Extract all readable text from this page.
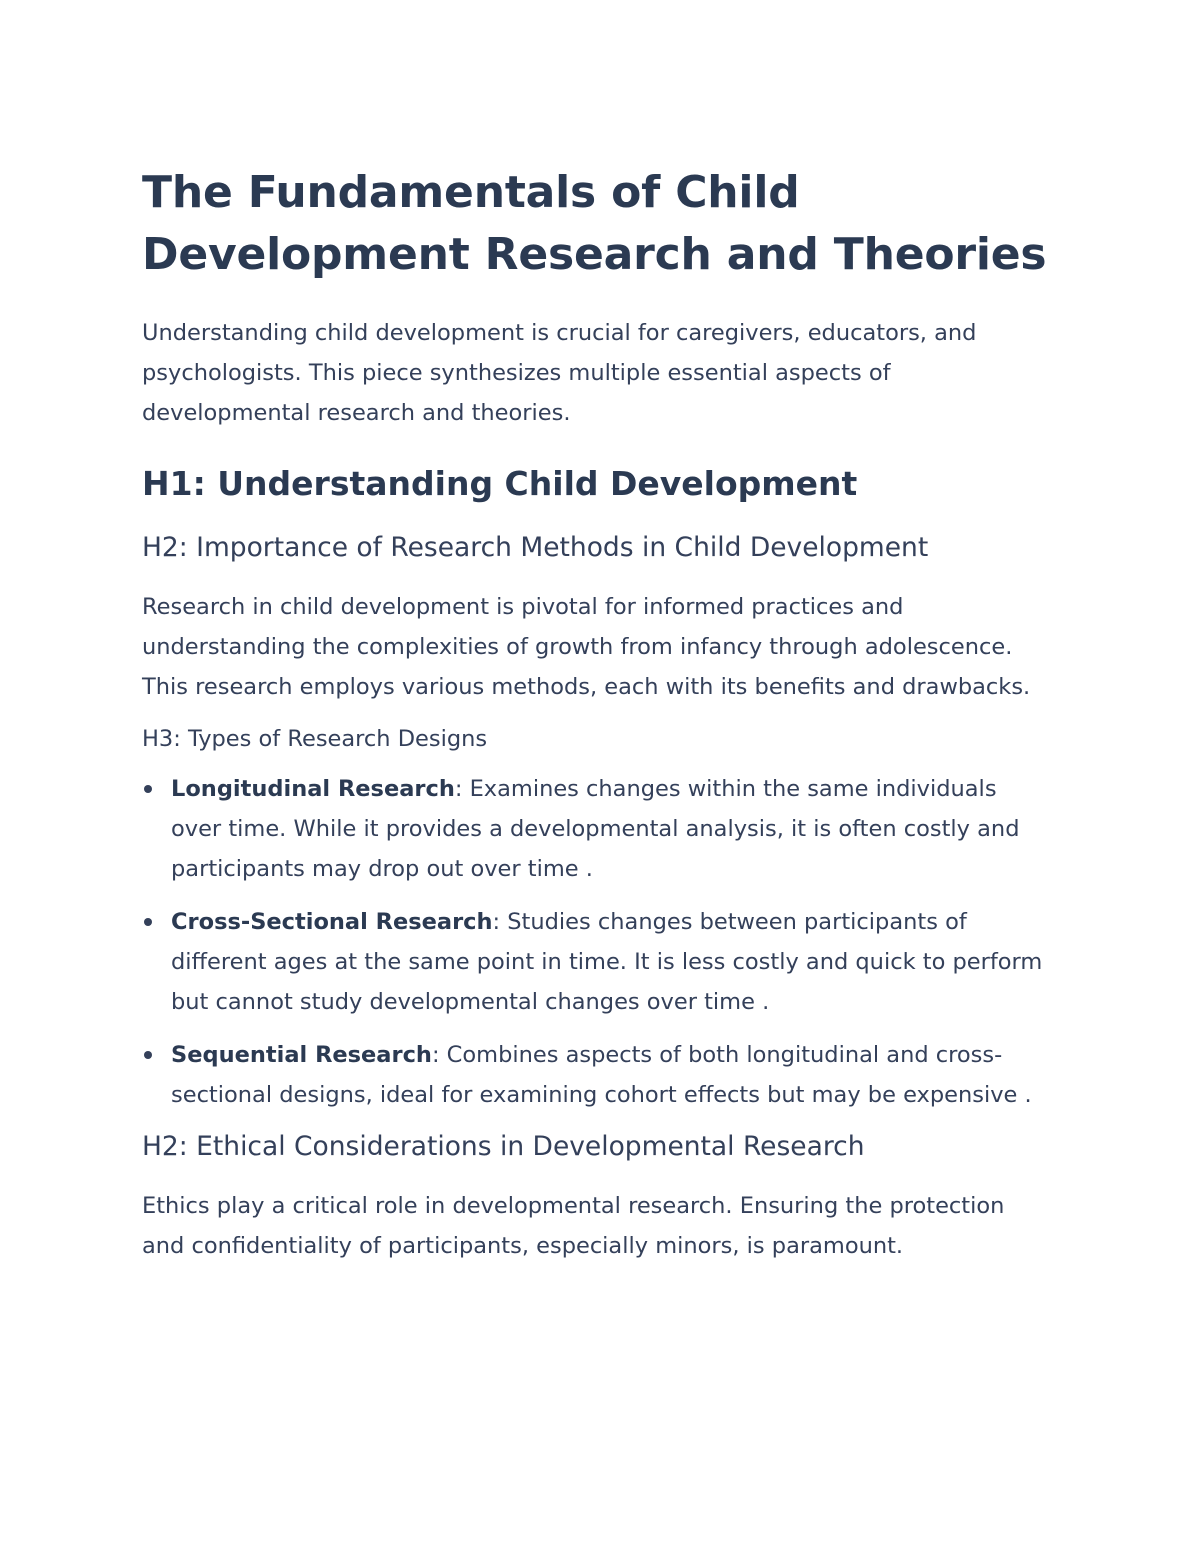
The Fundamentals of Child Development Research and Theories

Understanding child development is crucial for caregivers, educators, and psychologists. This piece synthesizes multiple essential aspects of developmental research and theories.

H1: Understanding Child Development
H2: Importance of Research Methods in Child Development

Research in child development is pivotal for informed practices and understanding the complexities of growth from infancy through adolescence. This research employs various methods, each with its benefits and drawbacks.

H3: Types of Research Designs
Longitudinal Research: Examines changes within the same individuals over time. While it provides a developmental analysis, it is often costly and participants may drop out over time .
Cross-Sectional Research: Studies changes between participants of different ages at the same point in time. It is less costly and quick to perform but cannot study developmental changes over time .
Sequential Research: Combines aspects of both longitudinal and cross-sectional designs, ideal for examining cohort effects but may be expensive .
H2: Ethical Considerations in Developmental Research

Ethics play a critical role in developmental research. Ensuring the protection and confidentiality of participants, especially minors, is paramount.
